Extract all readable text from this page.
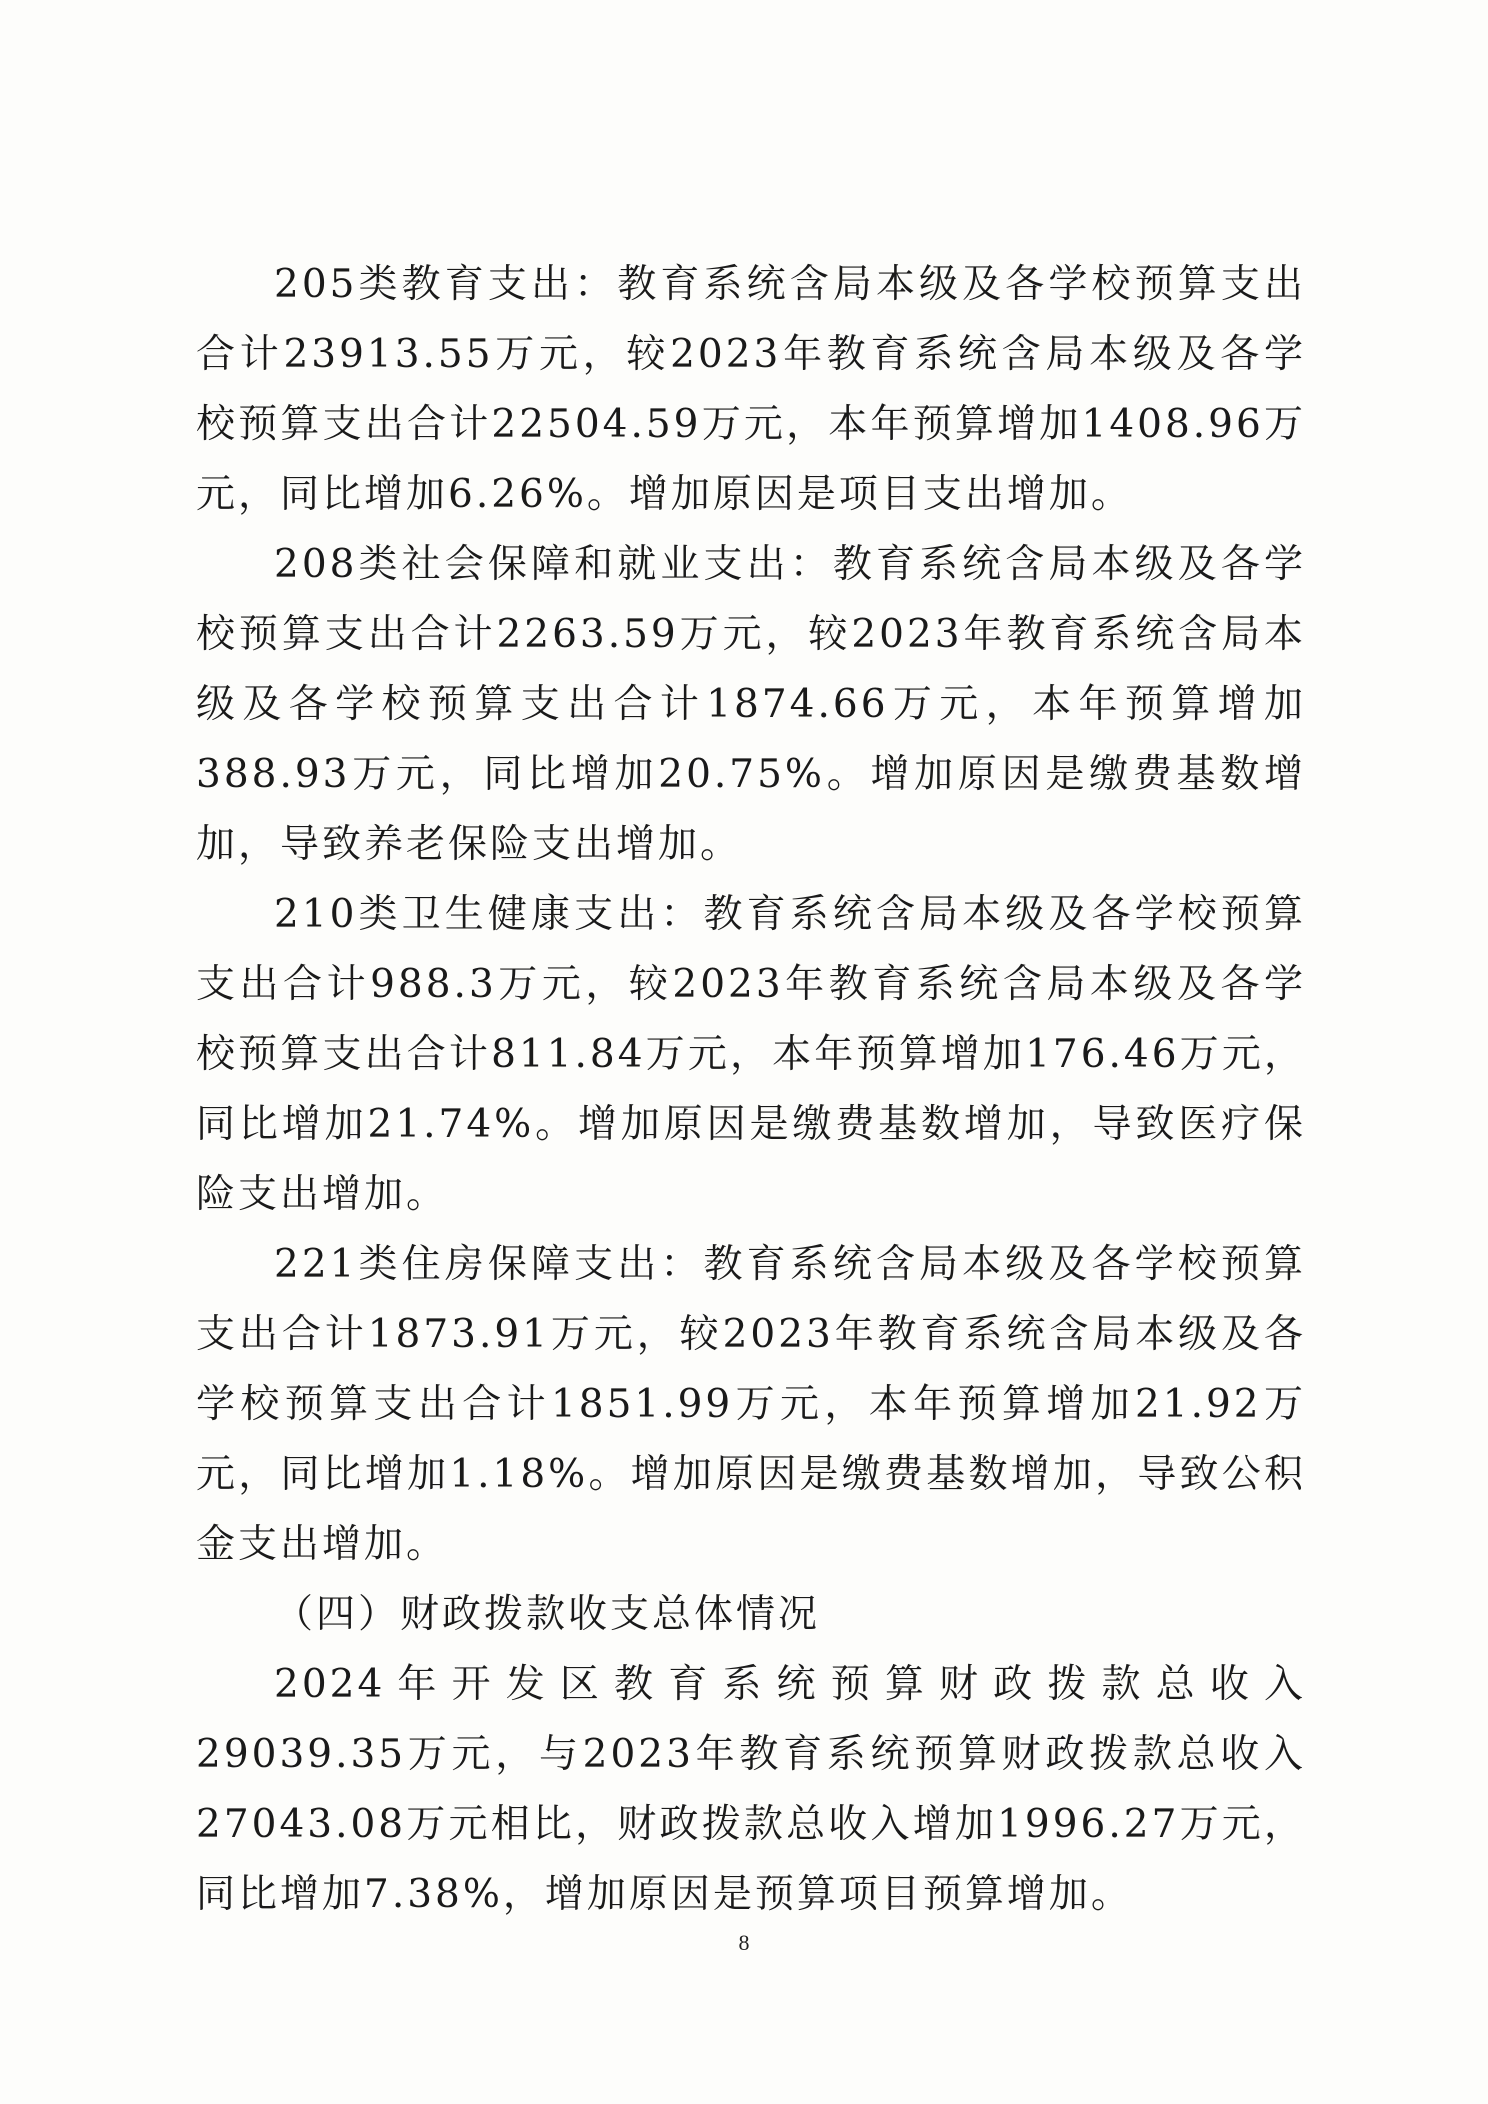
205类教育支出：教育系统含局本级及各学校预算支出合计23913.55万元，较2023年教育系统含局本级及各学校预算支出合计22504.59万元，本年预算增加1408.96万元，同比增加6.26%。增加原因是项目支出增加。

208类社会保障和就业支出：教育系统含局本级及各学校预算支出合计2263.59万元，较2023年教育系统含局本级及各学校预算支出合计1874.66万元，本年预算增加388.93万元，同比增加20.75%。增加原因是缴费基数增加，导致养老保险支出增加。

210类卫生健康支出：教育系统含局本级及各学校预算支出合计988.3万元，较2023年教育系统含局本级及各学校预算支出合计811.84万元，本年预算增加176.46万元，同比增加21.74%。增加原因是缴费基数增加，导致医疗保险支出增加。

221类住房保障支出：教育系统含局本级及各学校预算支出合计1873.91万元，较2023年教育系统含局本级及各学校预算支出合计1851.99万元，本年预算增加21.92万元，同比增加1.18%。增加原因是缴费基数增加，导致公积金支出增加。

（四）财政拨款收支总体情况

2024年开发区教育系统预算财政拨款总收入29039.35万元，与2023年教育系统预算财政拨款总收入27043.08万元相比，财政拨款总收入增加1996.27万元，同比增加7.38%，增加原因是预算项目预算增加。

8
